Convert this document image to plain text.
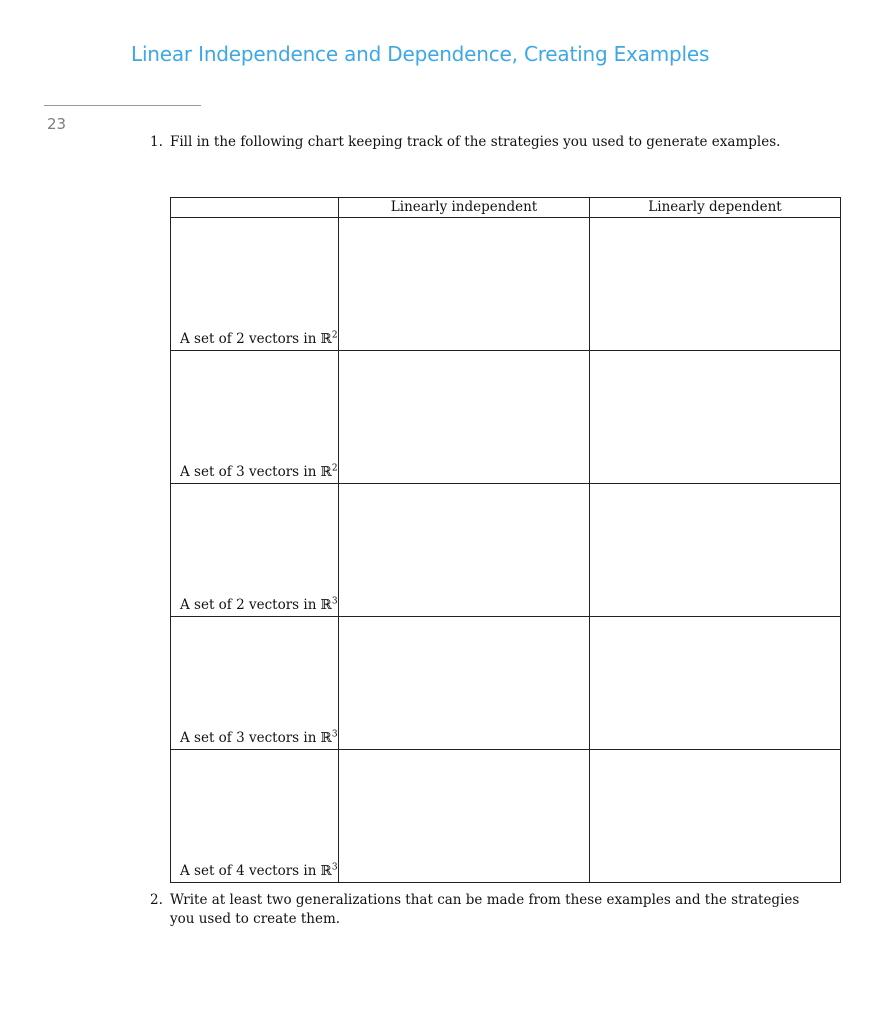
Linear Independence and Dependence, Creating Examples
23
1. Fill in the following chart keeping track of the strategies you used to generate examples.
	Linearly independent	Linearly dependent
A set of 2 vectors in ℝ$^2$		
A set of 3 vectors in ℝ$^2$		
A set of 2 vectors in ℝ$^3$		
A set of 3 vectors in ℝ$^3$		
A set of 4 vectors in ℝ$^3$		
2. Write at least two generalizations that can be made from these examples and the strategies you used to create them.
